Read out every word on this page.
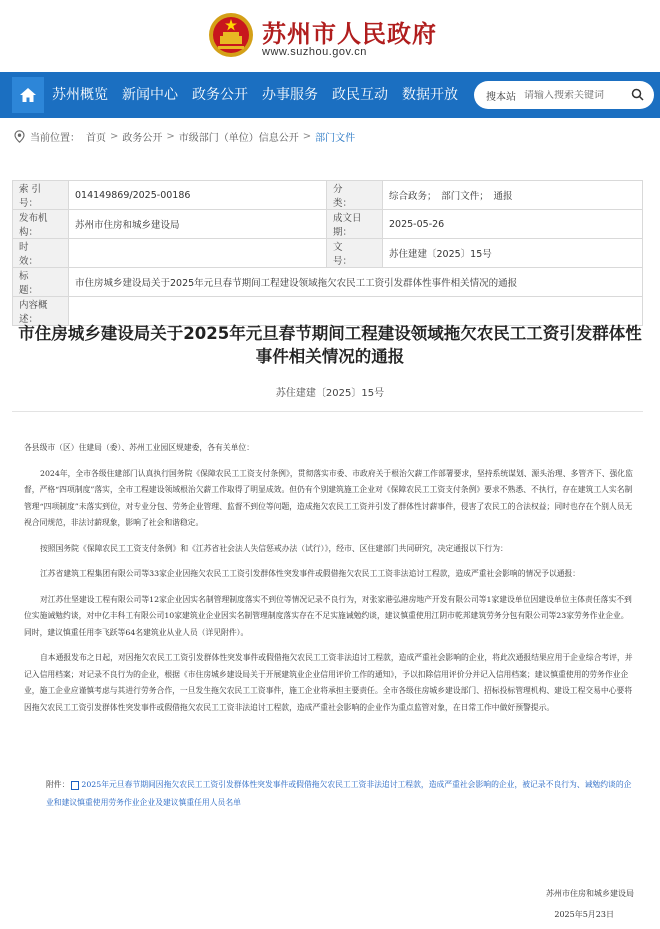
苏州市人民政府
www.suzhou.gov.cn
苏州概览 新闻中心 政务公开 办事服务 政民互动 数据开放	搜本站
请输入搜索关键词
当前位置： 首页 > 政务公开 > 市级部门（单位）信息公开 > 部门文件
索 引 号：	014149869/2025-00186	分　　类：	综合政务；　部门文件；　通报
发布机构：	苏州市住房和城乡建设局	成文日期：	2025-05-26
时　　效：		文　　号：	苏住建建〔2025〕15号
标　　题：	市住房城乡建设局关于2025年元旦春节期间工程建设领域拖欠农民工工资引发群体性事件相关情况的通报		
内容概述：			
市住房城乡建设局关于2025年元旦春节期间工程建设领域拖欠农民工工资引发群体性
事件相关情况的通报
苏住建建〔2025〕15号

各县级市（区）住建局（委）、苏州工业园区规建委，各有关单位：

2024年，全市各级住建部门认真执行国务院《保障农民工工资支付条例》，贯彻落实市委、市政府关于根治欠薪工作部署要求，坚持系统谋划、源头治理、多管齐下、强化监督，严格“四项制度”落实，全市工程建设领域根治欠薪工作取得了明显成效。但仍有个别建筑施工企业对《保障农民工工资支付条例》要求不熟悉、不执行，存在建筑工人实名制管理“四项制度”未落实到位，对专业分包、劳务企业管理、监督不到位等问题，造成拖欠农民工工资并引发了群体性讨薪事件，侵害了农民工的合法权益；同时也存在个别人员无视合同规范，非法讨薪现象，影响了社会和谐稳定。

按照国务院《保障农民工工资支付条例》和《江苏省社会法人失信惩戒办法（试行）》，经市、区住建部门共同研究，决定通报以下行为：

江苏省建筑工程集团有限公司等33家企业因拖欠农民工工资引发群体性突发事件或假借拖欠农民工工资非法追讨工程款，造成严重社会影响的情况予以通报：

对江苏仕坚建设工程有限公司等12家企业因实名制管理制度落实不到位等情况记录不良行为，对张家港弘港房地产开发有限公司等1家建设单位因建设单位主体责任落实不到位实施诫勉约谈，对中亿丰科工有限公司10家建筑业企业因实名制管理制度落实存在不足实施诫勉约谈，建议慎重使用江阴市乾邦建筑劳务分包有限公司等23家劳务作业企业。同时，建议慎重任用李飞跃等64名建筑业从业人员（详见附件）。

自本通报发布之日起，对因拖欠农民工工资引发群体性突发事件或假借拖欠农民工工资非法追讨工程款，造成严重社会影响的企业，将此次通报结果应用于企业综合考评，并记入信用档案；对记录不良行为的企业，根据《市住房城乡建设局关于开展建筑业企业信用评价工作的通知》，予以扣除信用评价分并记入信用档案；建议慎重使用的劳务作业企业，施工企业应谨慎考虑与其进行劳务合作，一旦发生拖欠农民工工资事件，施工企业将承担主要责任。全市各级住房城乡建设部门、招标投标管理机构、建设工程交易中心要将因拖欠农民工工资引发群体性突发事件或假借拖欠农民工工资非法追讨工程款，造成严重社会影响的企业作为重点监管对象，在日常工作中做好预警提示。

附件： 2025年元旦春节期间因拖欠农民工工资引发群体性突发事件或假借拖欠农民工工资非法追讨工程款，造成严重社会影响的企业，被记录不良行为、诫勉约谈的企业和建议慎重使用劳务作业企业及建议慎重任用人员名单
苏州市住房和城乡建设局
2025年5月23日
